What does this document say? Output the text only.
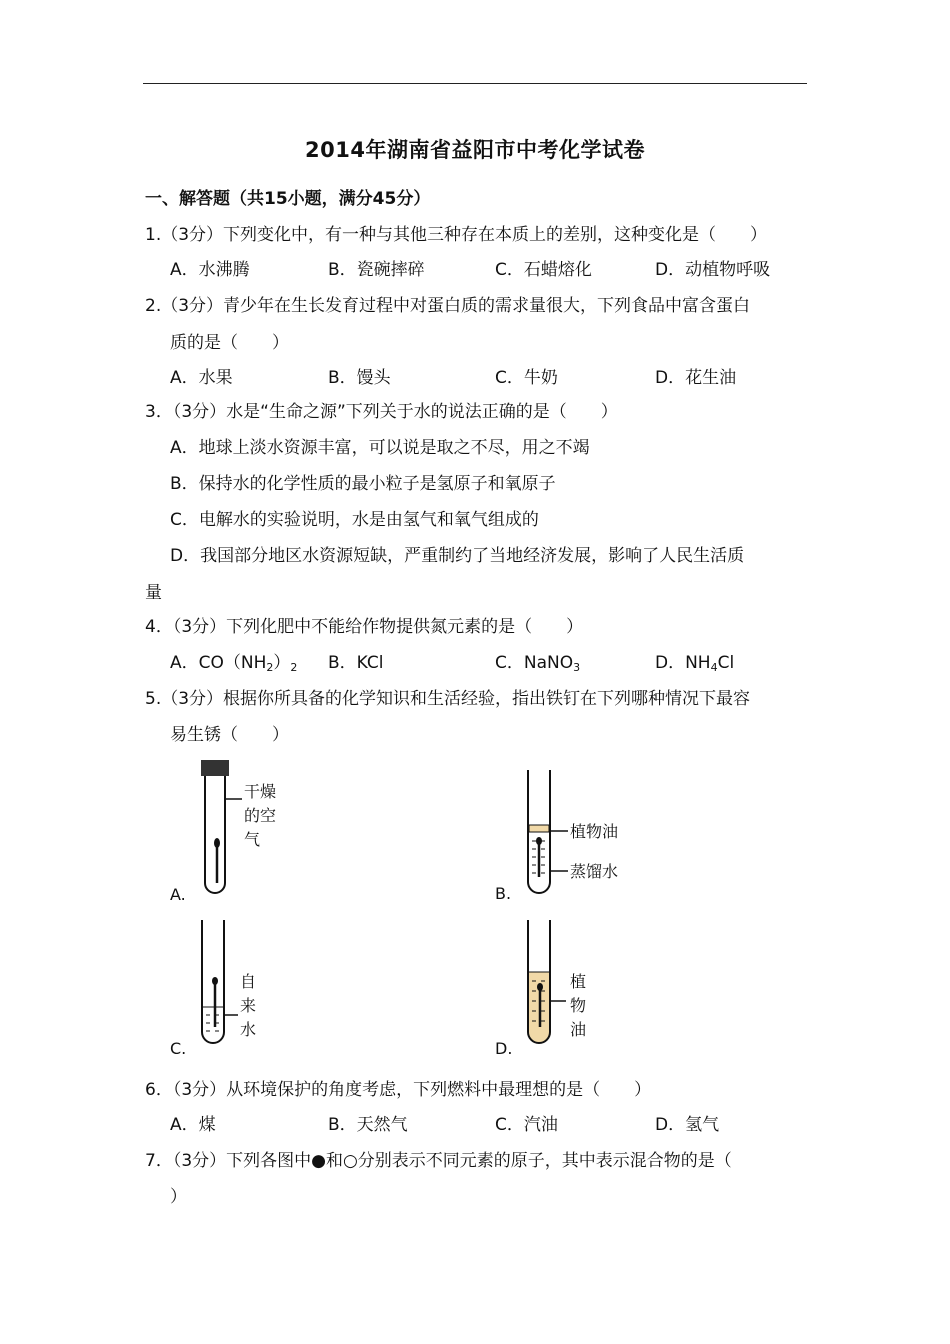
2014年湖南省益阳市中考化学试卷
一、解答题（共15小题，满分45分）
1.（3分）下列变化中，有一种与其他三种存在本质上的差别，这种变化是（　　）
A．水沸腾	B．瓷碗摔碎	C．石蜡熔化	D．动植物呼吸
2.（3分）青少年在生长发育过程中对蛋白质的需求量很大，下列食品中富含蛋白
质的是（　　）
A．水果	B．馒头	C．牛奶	D．花生油
3．（3分）水是“生命之源”下列关于水的说法正确的是（　　）
A．地球上淡水资源丰富，可以说是取之不尽，用之不竭
B．保持水的化学性质的最小粒子是氢原子和氧原子
C．电解水的实验说明，水是由氢气和氧气组成的
D．我国部分地区水资源短缺，严重制约了当地经济发展，影响了人民生活质
量
4．（3分）下列化肥中不能给作物提供氮元素的是（　　）
A．$CO(NH_2)_2$ B．KCl	C．NaNO$_3$	D．$NH_4Cl$
5.（3分）根据你所具备的化学知识和生活经验，指出铁钉在下列哪种情况下最容
易生锈（　　）
干燥
的空
气
A.
植物油
蒸馏水
B.
自
来
水
C.
植
物
油
D.
6．（3分）从环境保护的角度考虑，下列燃料中最理想的是（　　）
A．煤	B．天然气	C．汽油	D．氢气
7．（3分）下列各图中●和○分别表示不同元素的原子，其中表示混合物的是（
）
